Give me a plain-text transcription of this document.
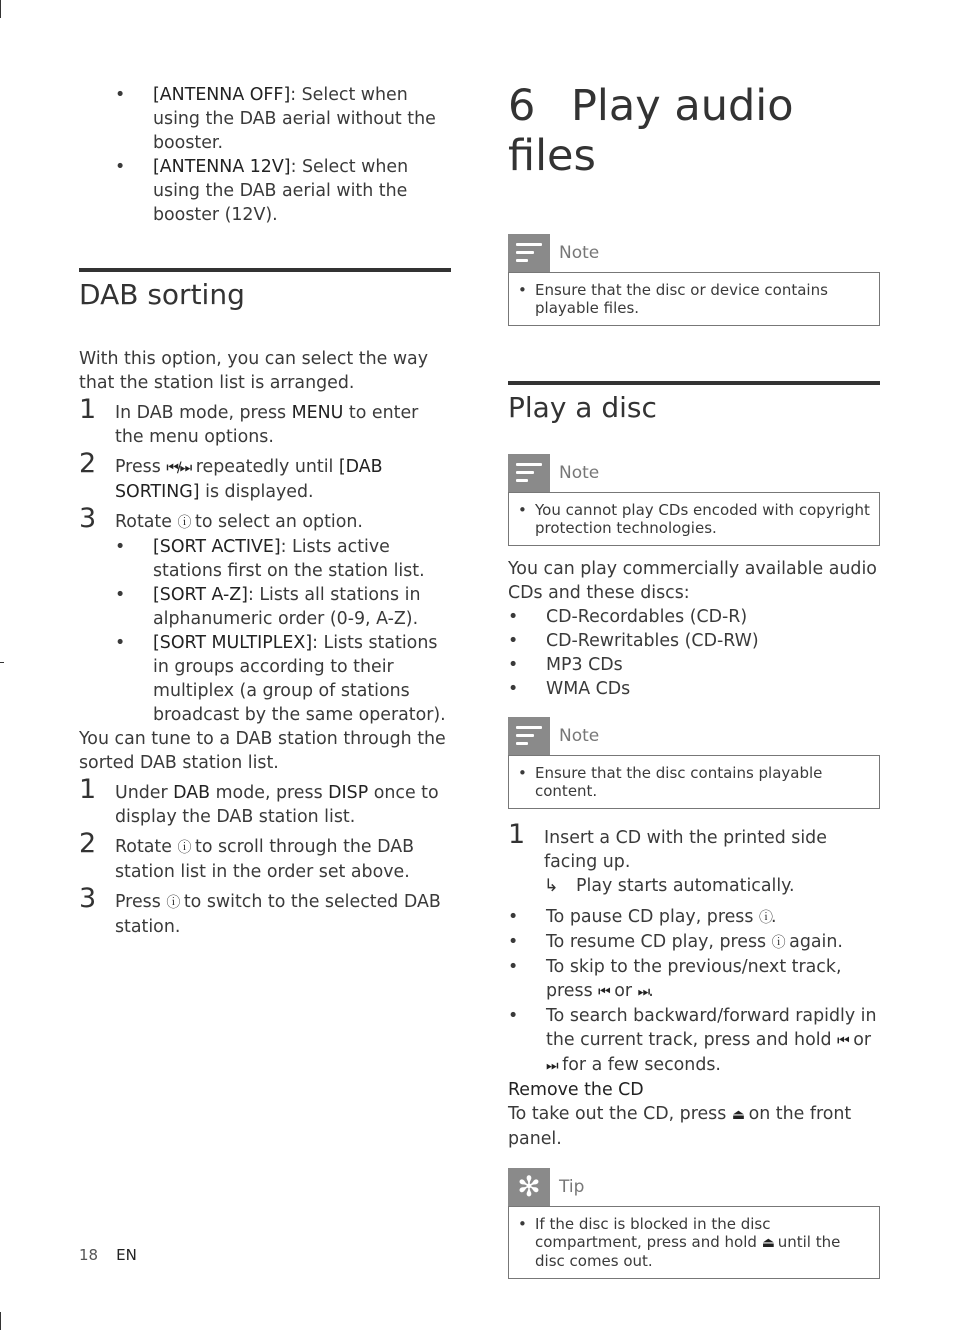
• [ANTENNA OFF]: Select when using the DAB aerial without the booster.
• [ANTENNA 12V]: Select when using the DAB aerial with the booster (12V).
DAB sorting
With this option, you can select the way that the station list is arranged.
1 In DAB mode, press MENU to enter the menu options.
2 Press ⏮/⏭ repeatedly until [DAB SORTING] is displayed.
3 Rotate ⓘ to select an option.
• [SORT ACTIVE]: Lists active stations first on the station list.
• [SORT A-Z]: Lists all stations in alphanumeric order (0-9, A-Z).
• [SORT MULTIPLEX]: Lists stations in groups according to their multiplex (a group of stations broadcast by the same operator).
You can tune to a DAB station through the sorted DAB station list.
1 Under DAB mode, press DISP once to display the DAB station list.
2 Rotate ⓘ to scroll through the DAB station list in the order set above.
3 Press ⓘ to switch to the selected DAB station.
6 Play audio files
Note
• Ensure that the disc or device contains playable files.
Play a disc
Note
• You cannot play CDs encoded with copyright protection technologies.
You can play commercially available audio CDs and these discs:
• CD-Recordables (CD-R)
• CD-Rewritables (CD-RW)
• MP3 CDs
• WMA CDs
Note
• Ensure that the disc contains playable content.
1 Insert a CD with the printed side facing up.
↳ Play starts automatically.
• To pause CD play, press ⓘ.
• To resume CD play, press ⓘ again.
• To skip to the previous/next track, press ⏮ or ⏭.
• To search backward/forward rapidly in the current track, press and hold ⏮ or ⏭ for a few seconds.
Remove the CD
To take out the CD, press ⏏ on the front panel.
✻	Tip
• If the disc is blocked in the disc compartment, press and hold ⏏ until the disc comes out.
18 EN
